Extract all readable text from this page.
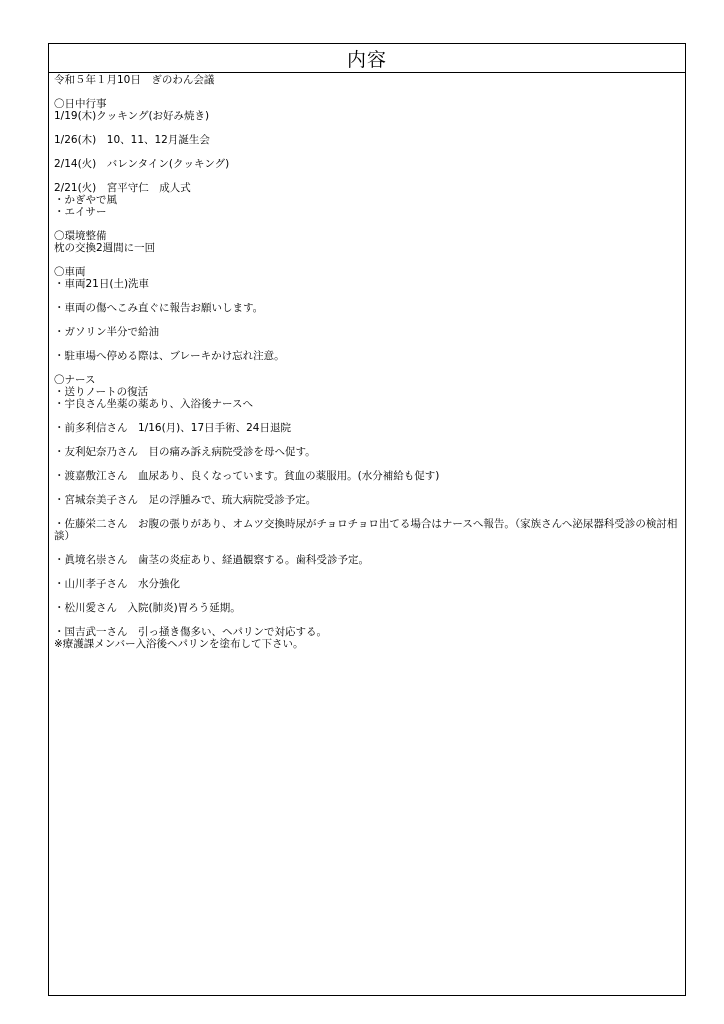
内容
令和５年１月10日　ぎのわん会議
〇日中行事
1/19(木)クッキング(お好み焼き)
1/26(木)　10、11、12月誕生会
2/14(火)　バレンタイン(クッキング)
2/21(火)　宮平守仁　成人式
・かぎやで風
・エイサー
〇環境整備
枕の交換2週間に一回
〇車両
・車両21日(土)洗車
・車両の傷へこみ直ぐに報告お願いします。
・ガソリン半分で給油
・駐車場へ停める際は、ブレーキかけ忘れ注意。
〇ナース
・送りノートの復活
・宇良さん坐薬の薬あり、入浴後ナースへ
・前多利信さん　1/16(月)、17日手術、24日退院
・友利妃奈乃さん　目の痛み訴え病院受診を母へ促す。
・渡嘉敷江さん　血尿あり、良くなっています。貧血の薬服用。(水分補給も促す)
・宮城奈美子さん　足の浮腫みで、琉大病院受診予定。
・佐藤栄二さん　お腹の張りがあり、オムツ交換時尿がチョロチョロ出てる場合はナースへ報告。（家族さんへ泌尿器科受診の検討相談）
・眞境名崇さん　歯茎の炎症あり、経過観察する。歯科受診予定。
・山川孝子さん　水分強化
・松川愛さん　入院(肺炎)胃ろう延期。
・国吉武一さん　引っ掻き傷多い、ヘパリンで対応する。
※療護課メンバー入浴後ヘパリンを塗布して下さい。
